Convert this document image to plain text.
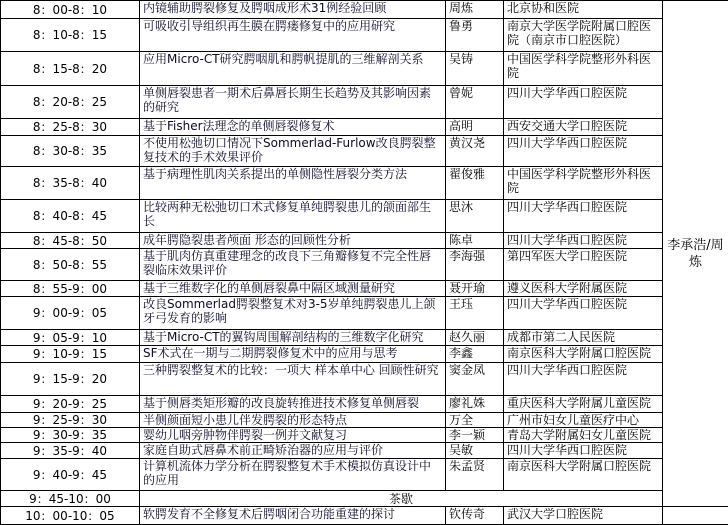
8：00-8：10	内镜辅助腭裂修复及腭咽成形术31例经验回顾	周炼	北京协和医院	李承浩/周炼
8：10-8：15	可吸收引导组织再生膜在腭瘘修复中的应用研究	鲁勇	南京大学医学院附属口腔医院（南京市口腔医院）	
8：15-8：20	应用Micro-CT研究腭咽肌和腭帆提肌的三维解剖关系	吴铸	中国医学科学院整形外科医院	
8：20-8：25	单侧唇裂患者一期术后鼻唇长期生长趋势及其影响因素的研究	曾妮	四川大学华西口腔医院	
8：25-8：30	基于Fisher法理念的单侧唇裂修复术	高明	西安交通大学口腔医院	
8：30-8：35	不使用松弛切口情况下Sommerlad-Furlow改良腭裂整复技术的手术效果评价	黄汉尧	四川大学华西口腔医院	
8：35-8：40	基于病理性肌肉关系提出的单侧隐性唇裂分类方法	翟俊雅	中国医学科学院整形外科医院	
8：40-8：45	比较两种无松弛切口术式修复单纯腭裂患儿的颌面部生长	思沐	四川大学华西口腔医院	
8：45-8：50	成年腭隐裂患者颅面 形态的回顾性分析	陈卓	四川大学华西口腔医院	
8：50-8：55	基于肌肉仿真重建理念的改良下三角瓣修复不完全性唇裂临床效果评价	李海强	第四军医大学口腔医院	
8：55-9：00	基于三维数字化的单侧唇裂鼻中隔区域测量研究	聂开瑜	遵义医科大学附属医院	
9：00-9：05	改良Sommerlad腭裂整复术对3-5岁单纯腭裂患儿上颌牙弓发育的影响	王珏	四川大学华西口腔医院	
9：05-9：10	基于Micro-CT的翼钩周围解剖结构的三维数字化研究	赵久丽	成都市第二人民医院	
9：10-9：15	SF术式在一期与二期腭裂修复术中的应用与思考	李鑫	南京医科大学附属口腔医院	
9：15-9：20	三种腭裂整复术的比较：一项大 样本单中心 回顾性研究	窦金凤	四川大学华西口腔医院	
9：20-9：25	基于侧唇类矩形瓣的改良旋转推进技术修复单侧唇裂	廖礼姝	重庆医科大学附属儿童医院	
9：25-9：30	半侧颜面短小患儿伴发腭裂的形态特点	万全	广州市妇女儿童医疗中心	
9：30-9：35	婴幼儿咽旁肿物伴腭裂一例并文献复习	李一颖	青岛大学附属妇女儿童医院	
9：35-9：40	家庭自助式唇鼻术前正畸矫治器的应用与评价	吴敏	四川大学华西口腔医院	
9：40-9：45	计算机流体力学分析在腭裂整复术手术模拟仿真设计中的应用	朱孟贤	南京医科大学附属口腔医院	
9：45-10：00	茶歇			
10：00-10：05	软腭发育不全修复术后腭咽闭合功能重建的探讨	钦传奇	武汉大学口腔医院	
